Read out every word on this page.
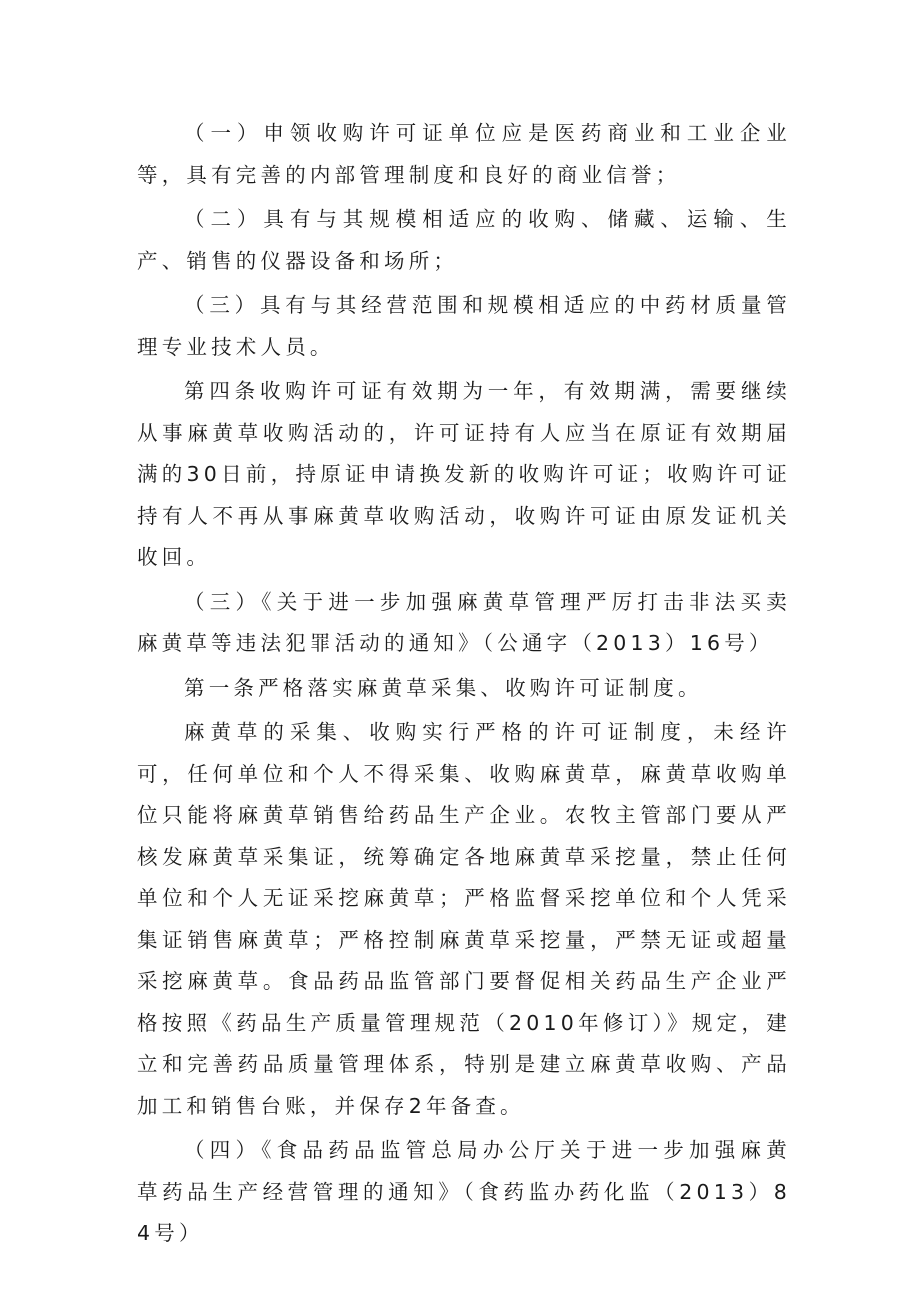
（一）申领收购许可证单位应是医药商业和工业企业等，具有完善的内部管理制度和良好的商业信誉；

（二）具有与其规模相适应的收购、储藏、运输、生产、销售的仪器设备和场所；

（三）具有与其经营范围和规模相适应的中药材质量管理专业技术人员。

第四条收购许可证有效期为一年，有效期满，需要继续从事麻黄草收购活动的，许可证持有人应当在原证有效期届满的30日前，持原证申请换发新的收购许可证；收购许可证持有人不再从事麻黄草收购活动，收购许可证由原发证机关收回。

（三）《关于进一步加强麻黄草管理严厉打击非法买卖麻黄草等违法犯罪活动的通知》（公通字（2013）16号）

第一条严格落实麻黄草采集、收购许可证制度。

麻黄草的采集、收购实行严格的许可证制度，未经许可，任何单位和个人不得采集、收购麻黄草，麻黄草收购单位只能将麻黄草销售给药品生产企业。农牧主管部门要从严核发麻黄草采集证，统筹确定各地麻黄草采挖量，禁止任何单位和个人无证采挖麻黄草；严格监督采挖单位和个人凭采集证销售麻黄草；严格控制麻黄草采挖量，严禁无证或超量采挖麻黄草。食品药品监管部门要督促相关药品生产企业严格按照《药品生产质量管理规范（2010年修订）》规定，建立和完善药品质量管理体系，特别是建立麻黄草收购、产品加工和销售台账，并保存2年备查。

（四）《食品药品监管总局办公厅关于进一步加强麻黄草药品生产经营管理的通知》（食药监办药化监（2013）84号）
